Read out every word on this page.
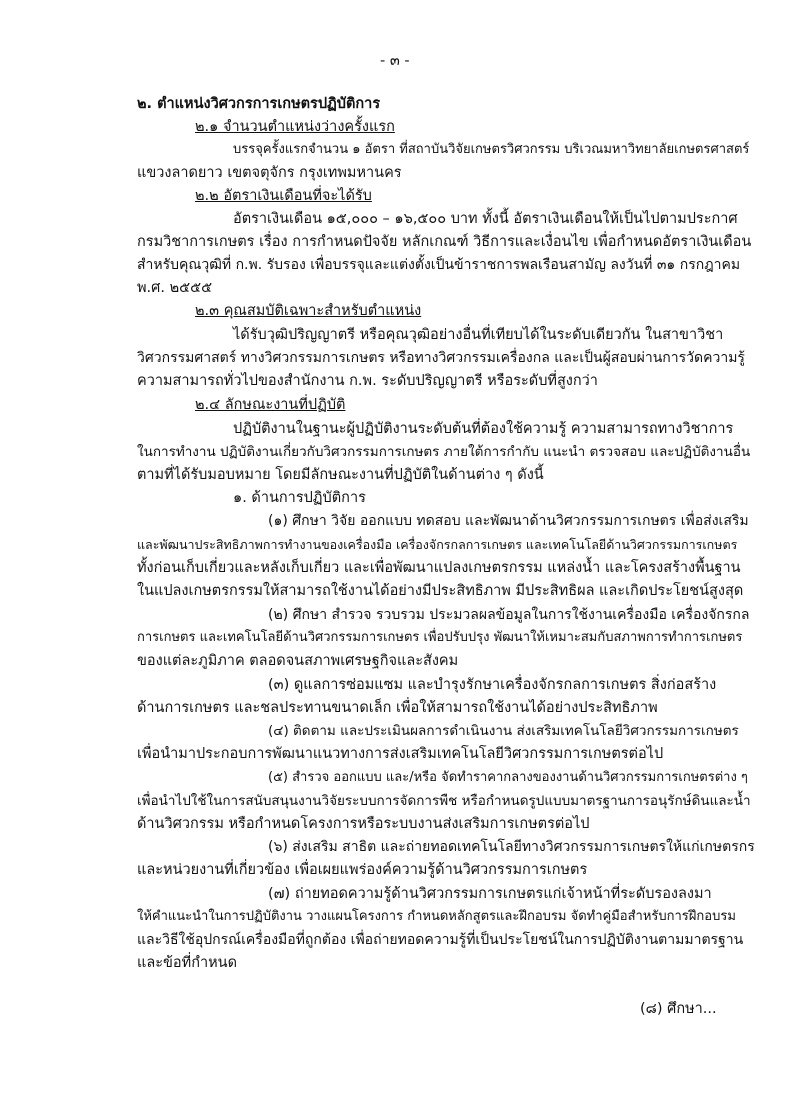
- ๓ -
๒. ตำแหน่งวิศวกรการเกษตรปฏิบัติการ
๒.๑ จำนวนตำแหน่งว่างครั้งแรก
บรรจุครั้งแรกจำนวน ๑ อัตรา ที่สถาบันวิจัยเกษตรวิศวกรรม บริเวณมหาวิทยาลัยเกษตรศาสตร์
แขวงลาดยาว เขตจตุจักร กรุงเทพมหานคร
๒.๒ อัตราเงินเดือนที่จะได้รับ
อัตราเงินเดือน ๑๕,๐๐๐ – ๑๖,๕๐๐ บาท ทั้งนี้ อัตราเงินเดือนให้เป็นไปตามประกาศ
กรมวิชาการเกษตร เรื่อง การกำหนดปัจจัย หลักเกณฑ์ วิธีการและเงื่อนไข เพื่อกำหนดอัตราเงินเดือน
สำหรับคุณวุฒิที่ ก.พ. รับรอง เพื่อบรรจุและแต่งตั้งเป็นข้าราชการพลเรือนสามัญ ลงวันที่ ๓๑ กรกฎาคม
พ.ศ. ๒๕๕๕
๒.๓ คุณสมบัติเฉพาะสำหรับตำแหน่ง
ได้รับวุฒิปริญญาตรี หรือคุณวุฒิอย่างอื่นที่เทียบได้ในระดับเดียวกัน ในสาขาวิชา
วิศวกรรมศาสตร์ ทางวิศวกรรมการเกษตร หรือทางวิศวกรรมเครื่องกล และเป็นผู้สอบผ่านการวัดความรู้
ความสามารถทั่วไปของสำนักงาน ก.พ. ระดับปริญญาตรี หรือระดับที่สูงกว่า
๒.๔ ลักษณะงานที่ปฏิบัติ
ปฏิบัติงานในฐานะผู้ปฏิบัติงานระดับต้นที่ต้องใช้ความรู้ ความสามารถทางวิชาการ
ในการทำงาน ปฏิบัติงานเกี่ยวกับวิศวกรรมการเกษตร ภายใต้การกำกับ แนะนำ ตรวจสอบ และปฏิบัติงานอื่น
ตามที่ได้รับมอบหมาย โดยมีลักษณะงานที่ปฏิบัติในด้านต่าง ๆ ดังนี้
๑. ด้านการปฏิบัติการ
(๑) ศึกษา วิจัย ออกแบบ ทดสอบ และพัฒนาด้านวิศวกรรมการเกษตร เพื่อส่งเสริม
และพัฒนาประสิทธิภาพการทำงานของเครื่องมือ เครื่องจักรกลการเกษตร และเทคโนโลยีด้านวิศวกรรมการเกษตร
ทั้งก่อนเก็บเกี่ยวและหลังเก็บเกี่ยว และเพื่อพัฒนาแปลงเกษตรกรรม แหล่งน้ำ และโครงสร้างพื้นฐาน
ในแปลงเกษตรกรรมให้สามารถใช้งานได้อย่างมีประสิทธิภาพ มีประสิทธิผล และเกิดประโยชน์สูงสุด
(๒) ศึกษา สำรวจ รวบรวม ประมวลผลข้อมูลในการใช้งานเครื่องมือ เครื่องจักรกล
การเกษตร และเทคโนโลยีด้านวิศวกรรมการเกษตร เพื่อปรับปรุง พัฒนาให้เหมาะสมกับสภาพการทำการเกษตร
ของแต่ละภูมิภาค ตลอดจนสภาพเศรษฐกิจและสังคม
(๓) ดูแลการซ่อมแซม และบำรุงรักษาเครื่องจักรกลการเกษตร สิ่งก่อสร้าง
ด้านการเกษตร และชลประทานขนาดเล็ก เพื่อให้สามารถใช้งานได้อย่างประสิทธิภาพ
(๔) ติดตาม และประเมินผลการดำเนินงาน ส่งเสริมเทคโนโลยีวิศวกรรมการเกษตร
เพื่อนำมาประกอบการพัฒนาแนวทางการส่งเสริมเทคโนโลยีวิศวกรรมการเกษตรต่อไป
(๕) สำรวจ ออกแบบ และ/หรือ จัดทำราคากลางของงานด้านวิศวกรรมการเกษตรต่าง ๆ
เพื่อนำไปใช้ในการสนับสนุนงานวิจัยระบบการจัดการพืช หรือกำหนดรูปแบบมาตรฐานการอนุรักษ์ดินและน้ำ
ด้านวิศวกรรม หรือกำหนดโครงการหรือระบบงานส่งเสริมการเกษตรต่อไป
(๖) ส่งเสริม สาธิต และถ่ายทอดเทคโนโลยีทางวิศวกรรมการเกษตรให้แก่เกษตรกร
และหน่วยงานที่เกี่ยวข้อง เพื่อเผยแพร่องค์ความรู้ด้านวิศวกรรมการเกษตร
(๗) ถ่ายทอดความรู้ด้านวิศวกรรมการเกษตรแก่เจ้าหน้าที่ระดับรองลงมา
ให้คำแนะนำในการปฏิบัติงาน วางแผนโครงการ กำหนดหลักสูตรและฝึกอบรม จัดทำคู่มือสำหรับการฝึกอบรม
และวิธีใช้อุปกรณ์เครื่องมือที่ถูกต้อง เพื่อถ่ายทอดความรู้ที่เป็นประโยชน์ในการปฏิบัติงานตามมาตรฐาน
และข้อที่กำหนด
(๘) ศึกษา...
